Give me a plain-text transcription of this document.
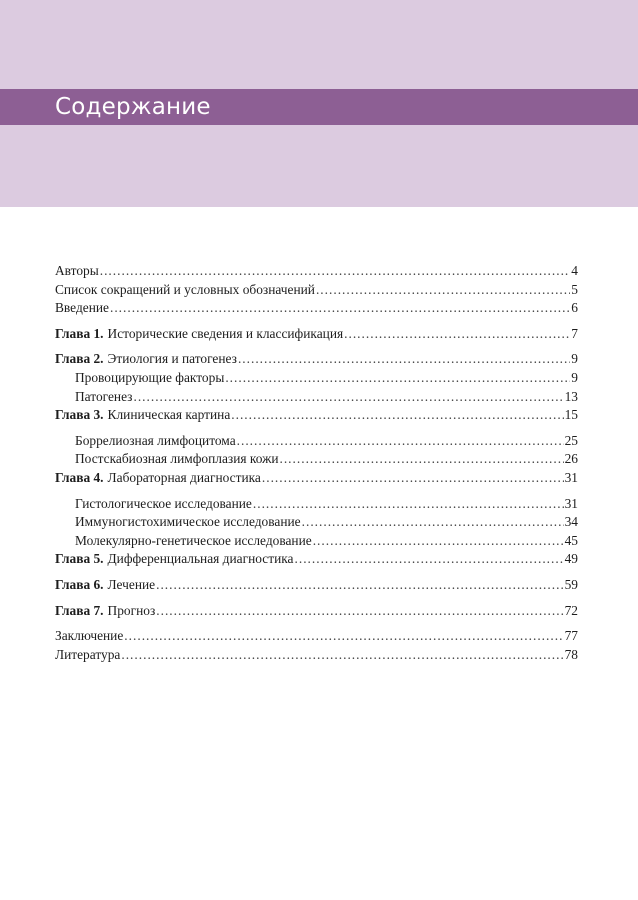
Содержание
Авторы .....	4
Список сокращений и условных обозначений .....	5
Введение .....	6
Глава 1. Исторические сведения и классификация .....	7
Глава 2. Этиология и патогенез .....	9
Провоцирующие факторы .....	9
Патогенез .....	13
Глава 3. Клиническая картина .....	15
Боррелиозная лимфоцитома .....	25
Постскабиозная лимфоплазия кожи .....	26
Глава 4. Лабораторная диагностика .....	31
Гистологическое исследование .....	31
Иммуногистохимическое исследование .....	34
Молекулярно-генетическое исследование .....	45
Глава 5. Дифференциальная диагностика .....	49
Глава 6. Лечение .....	59
Глава 7. Прогноз .....	72
Заключение .....	77
Литература .....	78
